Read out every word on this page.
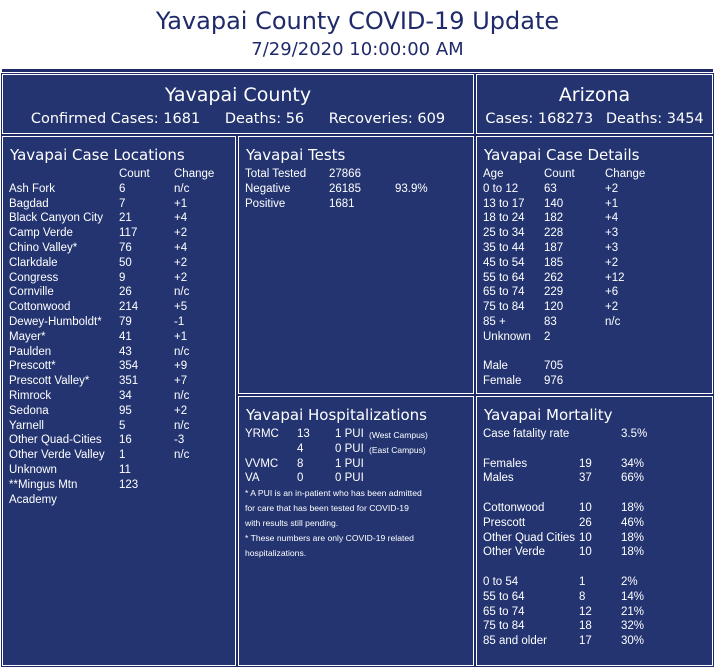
Yavapai County COVID-19 Update
7/29/2020 10:00:00 AM
Yavapai County
Confirmed Cases: 1681 Deaths: 56 Recoveries: 609
Arizona
Cases: 168273 Deaths: 3454
Yavapai Case Locations
Count Change
Ash Fork	6	n/c
Bagdad	7	+1
Black Canyon City 21	+4
Camp Verde	117	+2
Chino Valley*	76	+4
Clarkdale	50	+2
Congress	9	+2
Cornville	26	n/c
Cottonwood	214	+5
Dewey-Humboldt* 79	-1
Mayer*	41	+1
Paulden	43	n/c
Prescott*	354	+9
Prescott Valley*	351	+7
Rimrock	34	n/c
Sedona	95	+2
Yarnell	5	n/c
Other Quad-Cities 16	-3
Other Verde Valley 1	n/c
Unknown	11
**Mingus Mtn	123
Academy
Yavapai Tests
Total Tested 27866
Negative	26185	93.9%
Positive	1681
Yavapai Hospitalizations
YRMC 13 1 PUI (West Campus)
4	0 PUI (East Campus)
VVMC 8	1 PUI
VA	0	0 PUI
* A PUI is an in-patient who has been admitted
for care that has been tested for COVID-19
with results still pending.
* These numbers are only COVID-19 related
hospitalizations.
Yavapai Case Details
Age	Count	Change
0 to 12 63	+2
13 to 17 140	+1
18 to 24 182	+4
25 to 34 228	+3
35 to 44 187	+3
45 to 54 185	+2
55 to 64 262	+12
65 to 74 229	+6
75 to 84 120	+2
85 +	83	n/c
Unknown 2
Male	705
Female 976
Yavapai Mortality
Case fatality rate	3.5%
Females	19	34%
Males	37	66%
Cottonwood	10	18%
Prescott	26	46%
Other Quad Cities 10	18%
Other Verde	10	18%
0 to 54	1	2%
55 to 64	8	14%
65 to 74	12	21%
75 to 84	18	32%
85 and older	17	30%
